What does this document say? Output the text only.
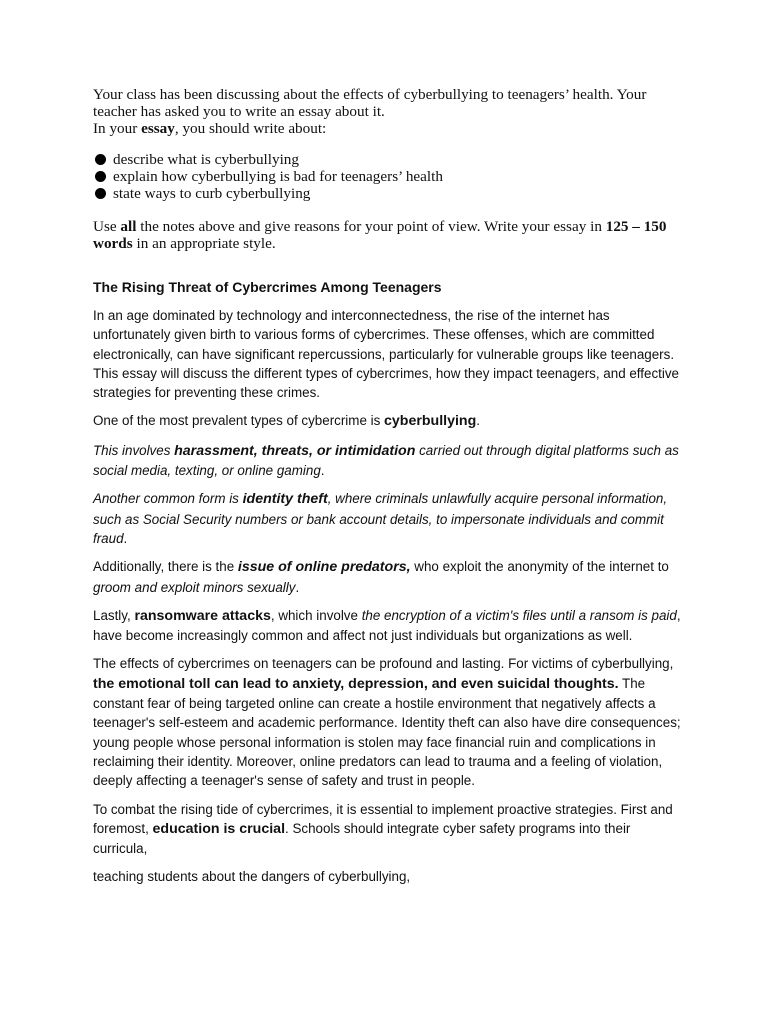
Your class has been discussing about the effects of cyberbullying to teenagers’ health. Your teacher has asked you to write an essay about it.

In your essay, you should write about:

describe what is cyberbullying
explain how cyberbullying is bad for teenagers’ health
state ways to curb cyberbullying

Use all the notes above and give reasons for your point of view. Write your essay in 125 – 150 words in an appropriate style.

The Rising Threat of Cybercrimes Among Teenagers

In an age dominated by technology and interconnectedness, the rise of the internet has unfortunately given birth to various forms of cybercrimes. These offenses, which are committed electronically, can have significant repercussions, particularly for vulnerable groups like teenagers. This essay will discuss the different types of cybercrimes, how they impact teenagers, and effective strategies for preventing these crimes.

One of the most prevalent types of cybercrime is cyberbullying.

This involves harassment, threats, or intimidation carried out through digital platforms such as social media, texting, or online gaming.

Another common form is identity theft, where criminals unlawfully acquire personal information, such as Social Security numbers or bank account details, to impersonate individuals and commit fraud.

Additionally, there is the issue of online predators, who exploit the anonymity of the internet to groom and exploit minors sexually.

Lastly, ransomware attacks, which involve the encryption of a victim's files until a ransom is paid, have become increasingly common and affect not just individuals but organizations as well.

The effects of cybercrimes on teenagers can be profound and lasting. For victims of cyberbullying, the emotional toll can lead to anxiety, depression, and even suicidal thoughts. The constant fear of being targeted online can create a hostile environment that negatively affects a teenager's self-esteem and academic performance. Identity theft can also have dire consequences; young people whose personal information is stolen may face financial ruin and complications in reclaiming their identity. Moreover, online predators can lead to trauma and a feeling of violation, deeply affecting a teenager's sense of safety and trust in people.

To combat the rising tide of cybercrimes, it is essential to implement proactive strategies. First and foremost, education is crucial. Schools should integrate cyber safety programs into their curricula,

teaching students about the dangers of cyberbullying,
